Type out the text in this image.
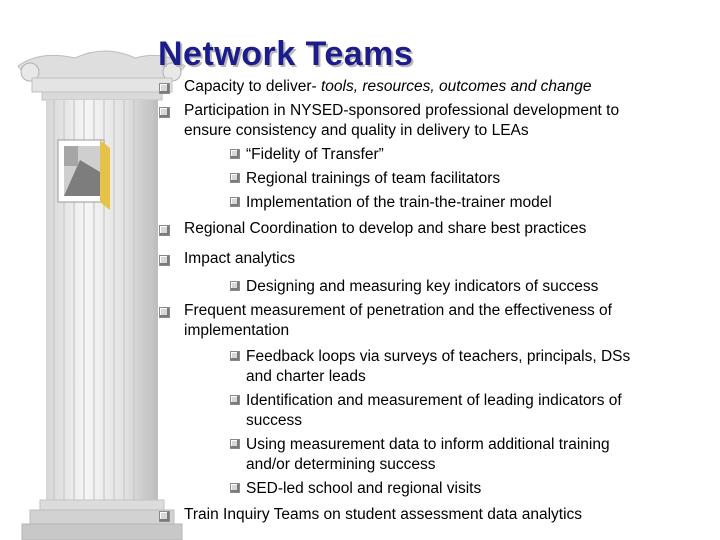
Network Teams
Capacity to deliver- tools, resources, outcomes and change
Participation in NYSED-sponsored professional development to
ensure consistency and quality in delivery to LEAs
“Fidelity of Transfer”
Regional trainings of team facilitators
Implementation of the train-the-trainer model
Regional Coordination to develop and share best practices
Impact analytics
Designing and measuring key indicators of success
Frequent measurement of penetration and the effectiveness of
implementation
Feedback loops via surveys of teachers, principals, DSs
and charter leads
Identification and measurement of leading indicators of
success
Using measurement data to inform additional training
and/or determining success
SED-led school and regional visits
Train Inquiry Teams on student assessment data analytics
